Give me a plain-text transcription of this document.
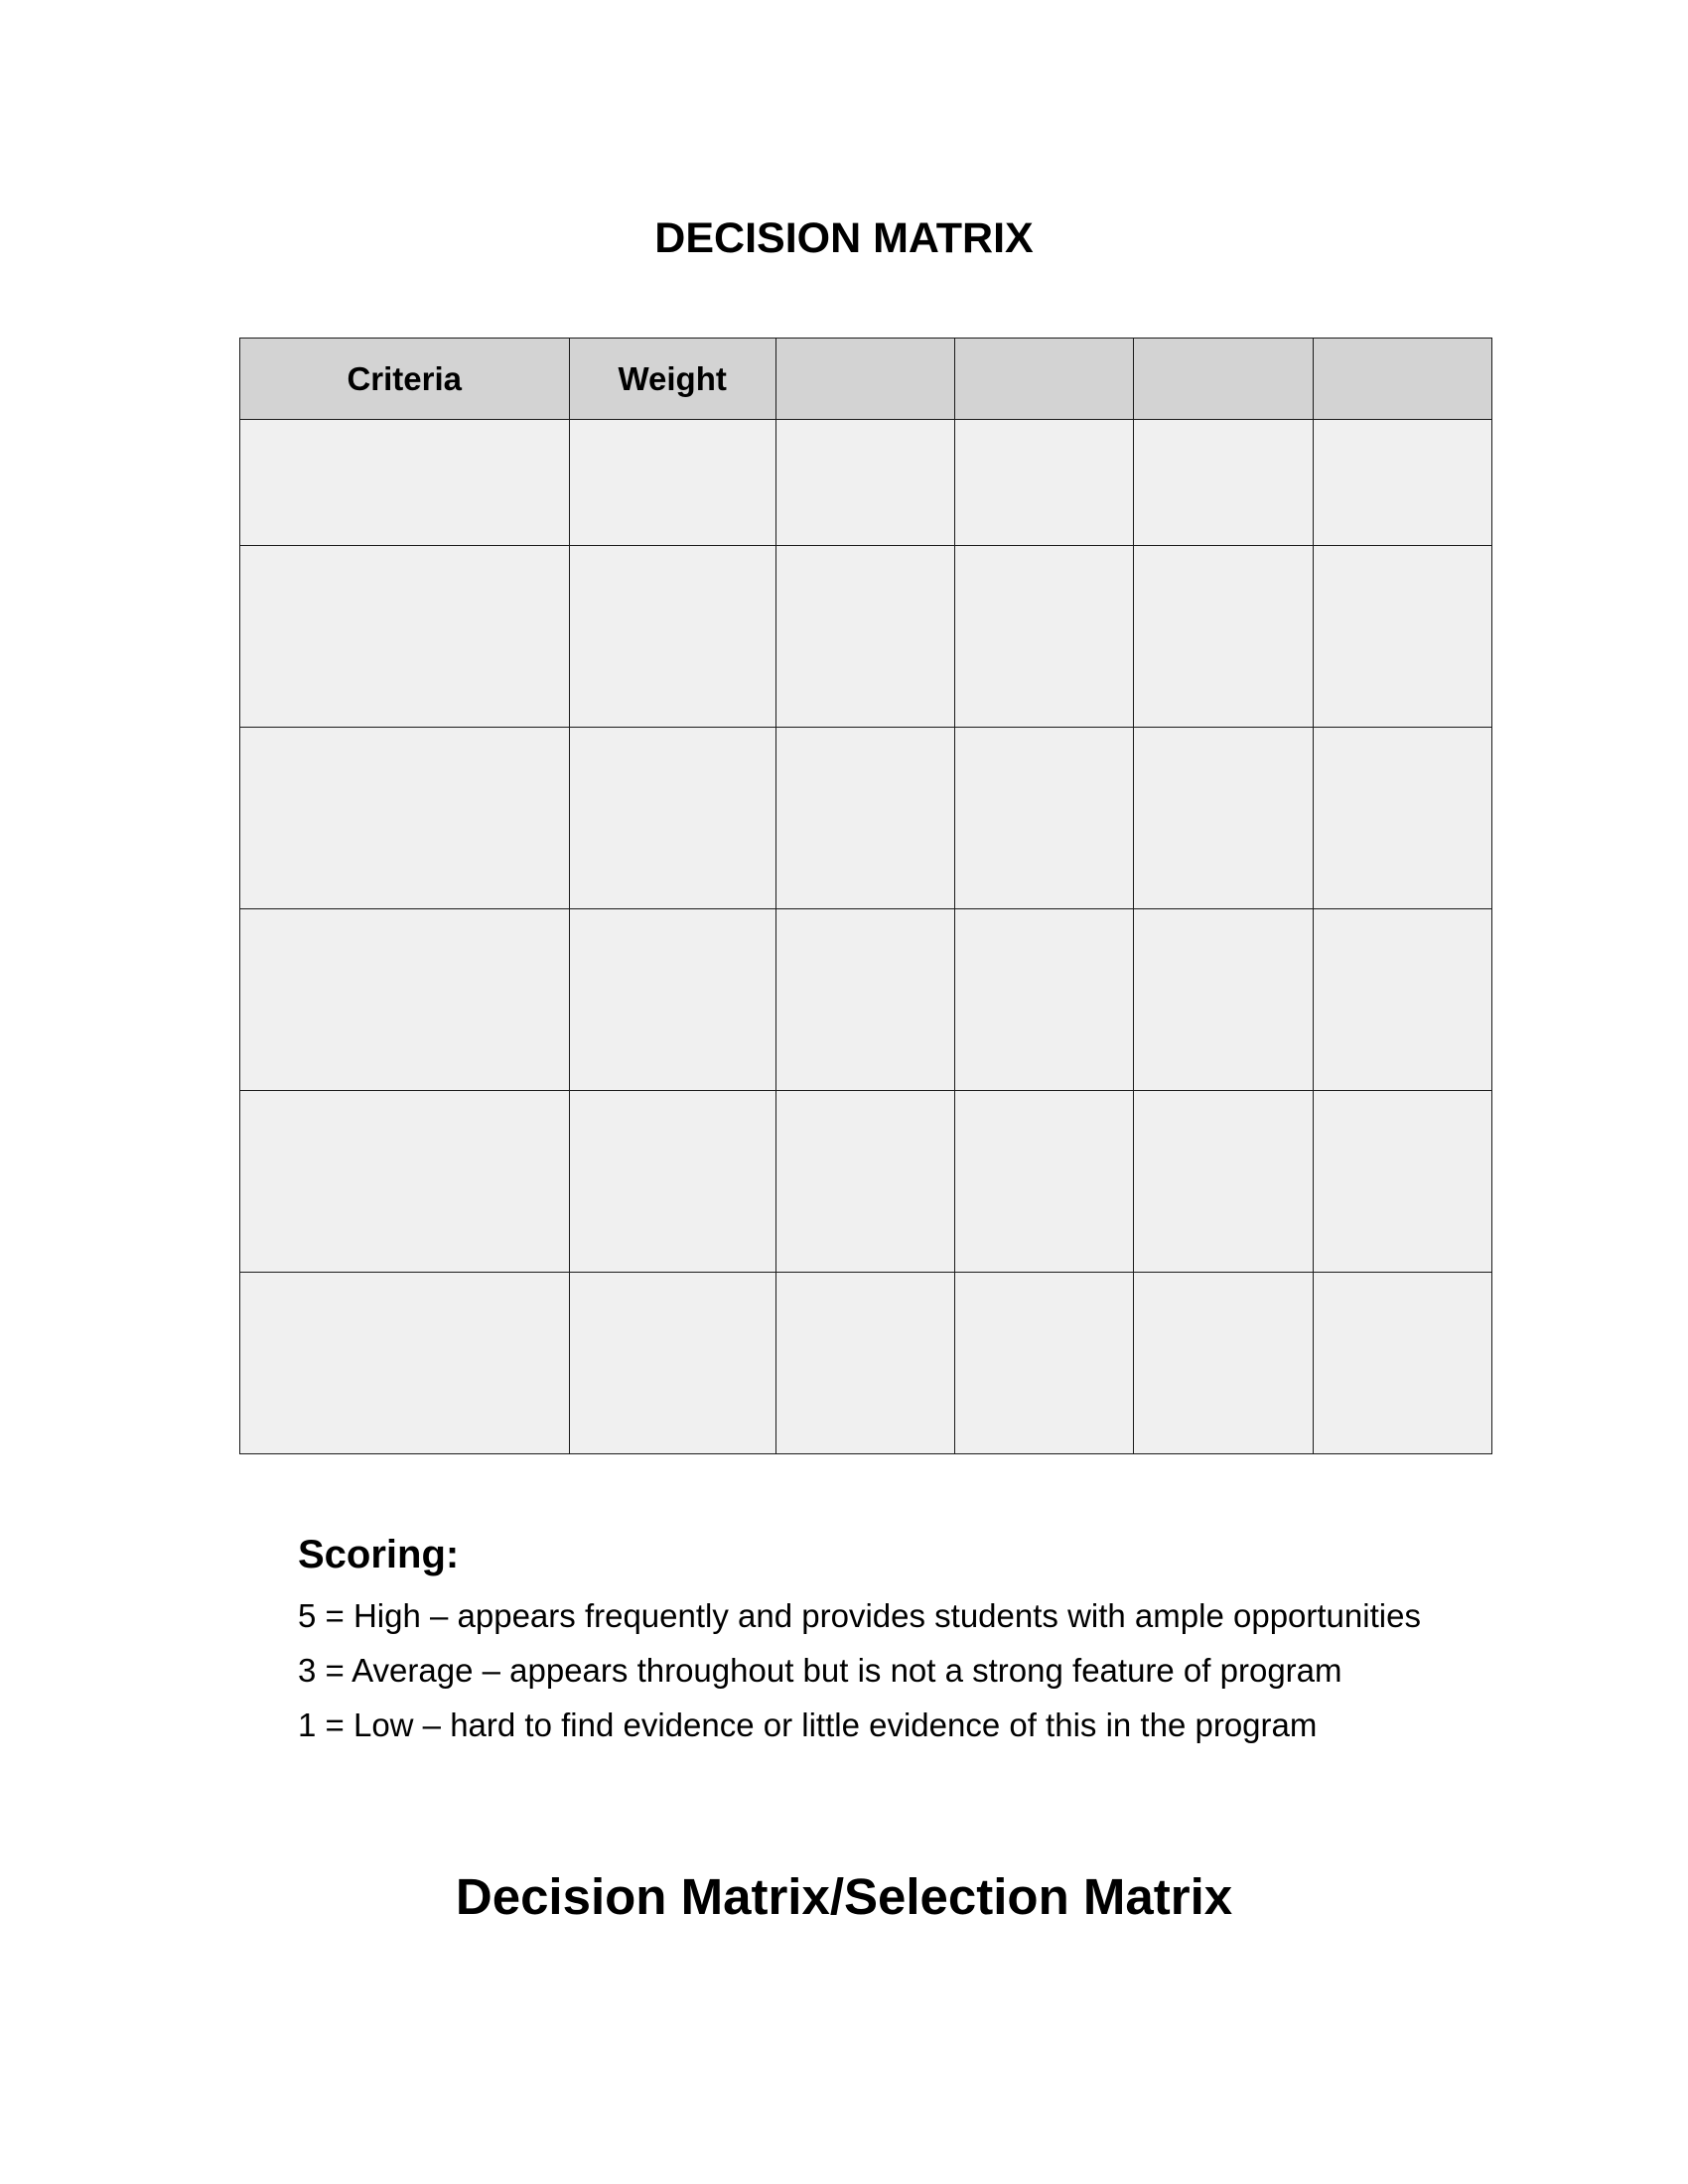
DECISION MATRIX
Criteria	Weight				

Scoring:

5 = High – appears frequently and provides students with ample opportunities

3 = Average – appears throughout but is not a strong feature of program

1 = Low – hard to find evidence or little evidence of this in the program

Decision Matrix/Selection Matrix
